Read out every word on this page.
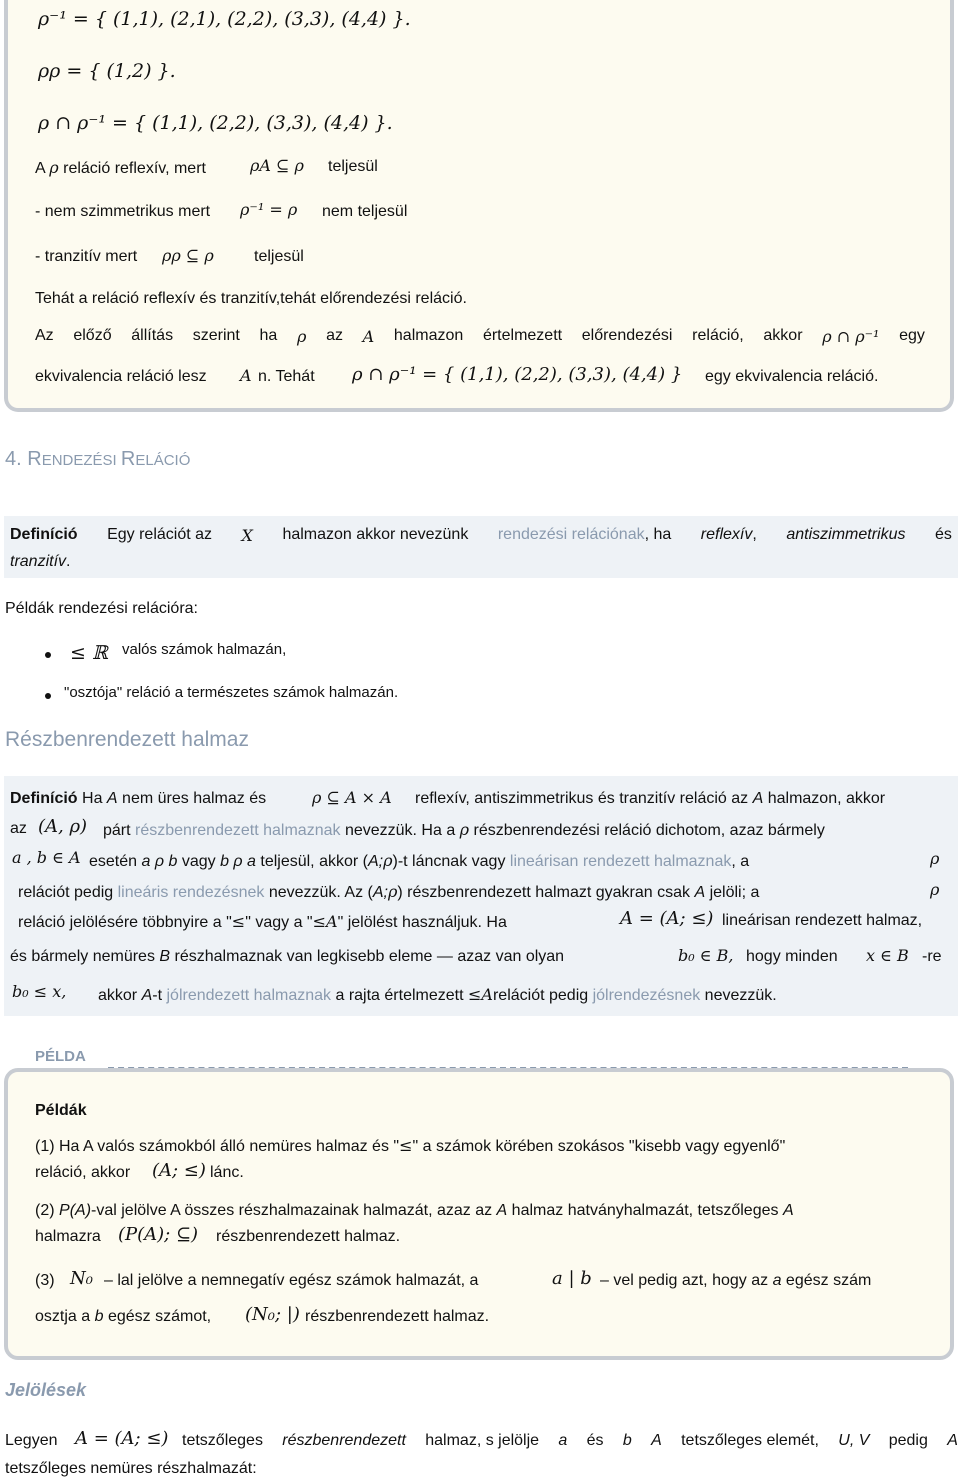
ρ⁻¹ = { (1,1), (2,1), (2,2), (3,3), (4,4) }.
ρρ = { (1,2) }.
ρ ∩ ρ⁻¹ = { (1,1), (2,2), (3,3), (4,4) }.
A ρ reláció reflexív, mert	ρA ⊆ ρ teljesül
- nem szimmetrikus mert ρ⁻¹ = ρ nem teljesül
- tranzitív mert ρρ ⊆ ρ	teljesül
Tehát a reláció reflexív és tranzitív,tehát előrendezési reláció.
Az előző állítás szerint ha ρ az A halmazon értelmezett előrendezési reláció, akkor ρ ∩ ρ⁻¹ egy
ekvivalencia reláció lesz A n. Tehát ρ ∩ ρ⁻¹ = { (1,1), (2,2), (3,3), (4,4) } egy ekvivalencia reláció.
4. RENDEZÉSI RELÁCIÓ
Definíció Egy relációt az X halmazon akkor nevezünk rendezési relációnak, ha reflexív, antiszimmetrikus és
tranzitív.
Példák rendezési relációra:
≤ ℝ valós számok halmazán,
"osztója" reláció a természetes számok halmazán.
Részbenrendezett halmaz
Definíció Ha A nem üres halmaz és	ρ ⊆ A × A reflexív, antiszimmetrikus és tranzitív reláció az A halmazon, akkor
az (A, ρ) párt részbenrendezett halmaznak nevezzük. Ha a ρ részbenrendezési reláció dichotom, azaz bármely
a , b ∈ A esetén a ρ b vagy b ρ a teljesül, akkor (A;ρ)-t láncnak vagy lineárisan rendezett halmaznak, a	ρ
relációt pedig lineáris rendezésnek nevezzük. Az (A;ρ) részbenrendezett halmazt gyakran csak A jelöli; a	ρ
reláció jelölésére többnyire a "≤" vagy a "≤A" jelölést használjuk. Ha	A = (A; ≤) lineárisan rendezett halmaz,
és bármely nemüres B részhalmaznak van legkisebb eleme — azaz van olyan	b₀ ∈ B, hogy minden x ∈ B -re
b₀ ≤ x, akkor A-t jólrendezett halmaznak a rajta értelmezett ≤Arelációt pedig jólrendezésnek nevezzük.
PÉLDA
Példák
(1) Ha A valós számokból álló nemüres halmaz és "≤" a számok körében szokásos "kisebb vagy egyenlő"
reláció, akkor (A; ≤) lánc.
(2) P(A)-val jelölve A összes részhalmazainak halmazát, azaz az A halmaz hatványhalmazát, tetszőleges A
halmazra (P(A); ⊆) részbenrendezett halmaz.
(3) N₀ – lal jelölve a nemnegatív egész számok halmazát, a	a | b – vel pedig azt, hogy az a egész szám
osztja a b egész számot, (N₀; |) részbenrendezett halmaz.
Jelölések
Legyen A = (A; ≤) tetszőleges részbenrendezett halmaz, s jelölje a és b A tetszőleges elemét, U, V pedig A
tetszőleges nemüres részhalmazát:
